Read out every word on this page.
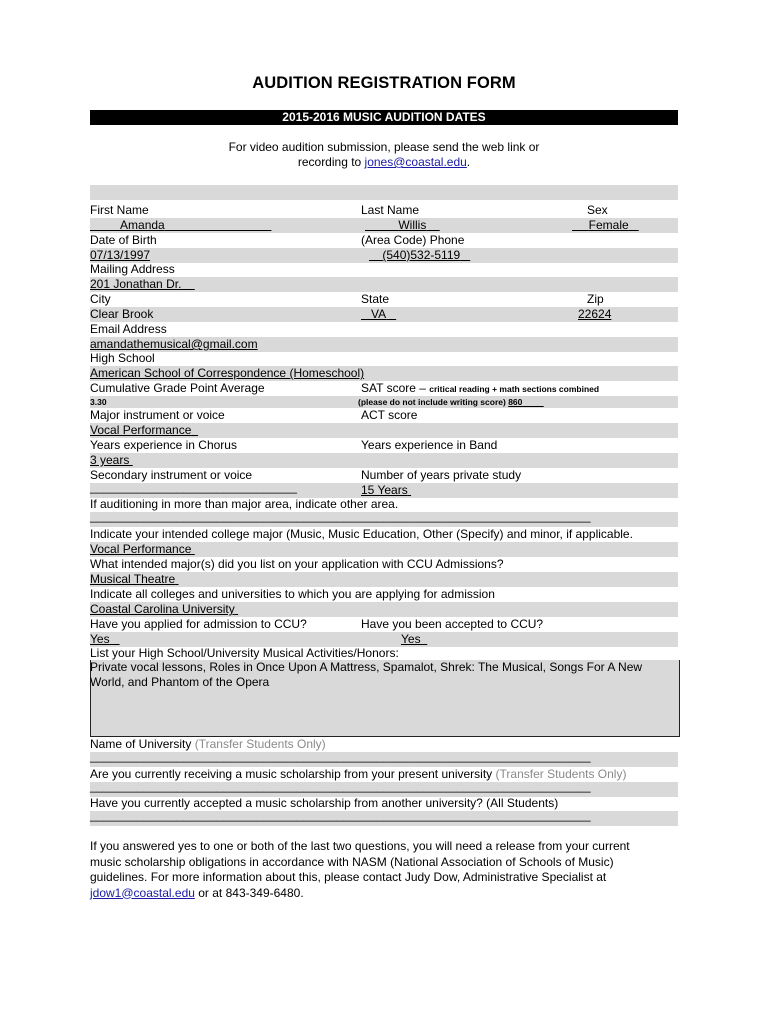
AUDITION REGISTRATION FORM
2015-2016 MUSIC AUDITION DATES
For video audition submission, please send the web link or
recording to jones@coastal.edu.
First Name	Last Name	Sex
Amanda	Willis	Female
Date of Birth	(Area Code) Phone
07/13/1997	(540)532-5119
Mailing Address
201 Jonathan Dr.
City	State	Zip
Clear Brook	VA	22624
Email Address
amandathemusical@gmail.com
High School
American School of Correspondence (Homeschool)
Cumulative Grade Point Average	SAT score – critical reading + math sections combined
3.30	(please do not include writing score) 860
Major instrument or voice	ACT score
Vocal Performance
Years experience in Chorus	Years experience in Band
3 years
Secondary instrument or voice	Number of years private study
_______________________________	15 Years
If auditioning in more than major area, indicate other area.
___________________________________________________________________________
Indicate your intended college major (Music, Music Education, Other (Specify) and minor, if applicable.
Vocal Performance
What intended major(s) did you list on your application with CCU Admissions?
Musical Theatre
Indicate all colleges and universities to which you are applying for admission
Coastal Carolina University
Have you applied for admission to CCU?	Have you been accepted to CCU?
Yes	Yes
List your High School/University Musical Activities/Honors:
Private vocal lessons, Roles in Once Upon A Mattress, Spamalot, Shrek: The Musical, Songs For A New
World, and Phantom of the Opera
Name of University (Transfer Students Only)
___________________________________________________________________________
Are you currently receiving a music scholarship from your present university (Transfer Students Only)
___________________________________________________________________________
Have you currently accepted a music scholarship from another university? (All Students)
___________________________________________________________________________
If you answered yes to one or both of the last two questions, you will need a release from your current
music scholarship obligations in accordance with NASM (National Association of Schools of Music)
guidelines. For more information about this, please contact Judy Dow, Administrative Specialist at
jdow1@coastal.edu or at 843-349-6480.
